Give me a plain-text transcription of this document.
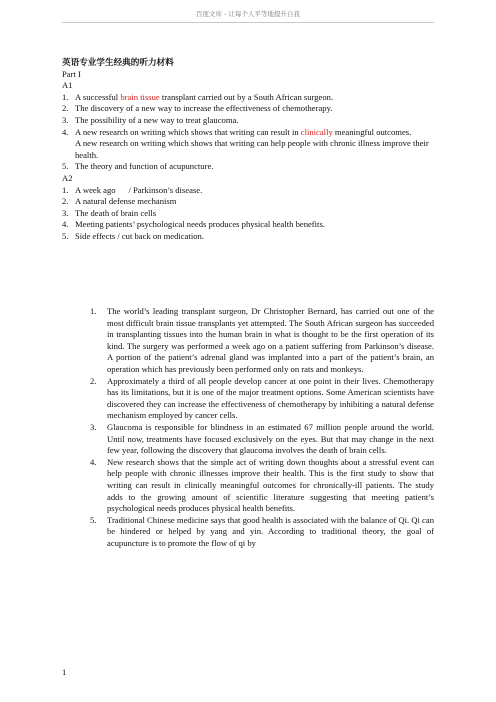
百度文库 - 让每个人平等地提升自我

英语专业学生经典的听力材料

Part I

A1

1. A successful brain tissue transplant carried out by a South African surgeon.
2. The discovery of a new way to increase the effectiveness of chemotherapy.
3. The possibility of a new way to treat glaucoma.
4. A new research on writing which shows that writing can result in clinically meaningful outcomes.

A new research on writing which shows that writing can help people with chronic illness improve their health.

5. The theory and function of acupuncture.

A2

1. A week ago      / Parkinson’s disease.
2. A natural defense mechanism
3. The death of brain cells
4. Meeting patients’ psychological needs produces physical health benefits.
5. Side effects / cut back on medication.
1. The world’s leading transplant surgeon, Dr Christopher Bernard, has carried out one of the most difficult brain tissue transplants yet attempted. The South African surgeon has succeeded in transplanting tissues into the human brain in what is thought to be the first operation of its kind. The surgery was performed a week ago on a patient suffering from Parkinson’s disease. A portion of the patient’s adrenal gland was implanted into a part of the patient’s brain, an operation which has previously been performed only on rats and monkeys.
2. Approximately a third of all people develop cancer at one point in their lives. Chemotherapy has its limitations, but it is one of the major treatment options. Some American scientists have discovered they can increase the effectiveness of chemotherapy by inhibiting a natural defense mechanism employed by cancer cells.
3. Glaucoma is responsible for blindness in an estimated 67 million people around the world. Until now, treatments have focused exclusively on the eyes. But that may change in the next few year, following the discovery that glaucoma involves the death of brain cells.
4. New research shows that the simple act of writing down thoughts about a stressful event can help people with chronic illnesses improve their health. This is the first study to show that writing can result in clinically meaningful outcomes for chronically-ill patients. The study adds to the growing amount of scientific literature suggesting that meeting patient’s psychological needs produces physical health benefits.
5. Traditional Chinese medicine says that good health is associated with the balance of Qi. Qi can be hindered or helped by yang and yin. According to traditional theory, the goal of acupuncture is to promote the flow of qi by
1
